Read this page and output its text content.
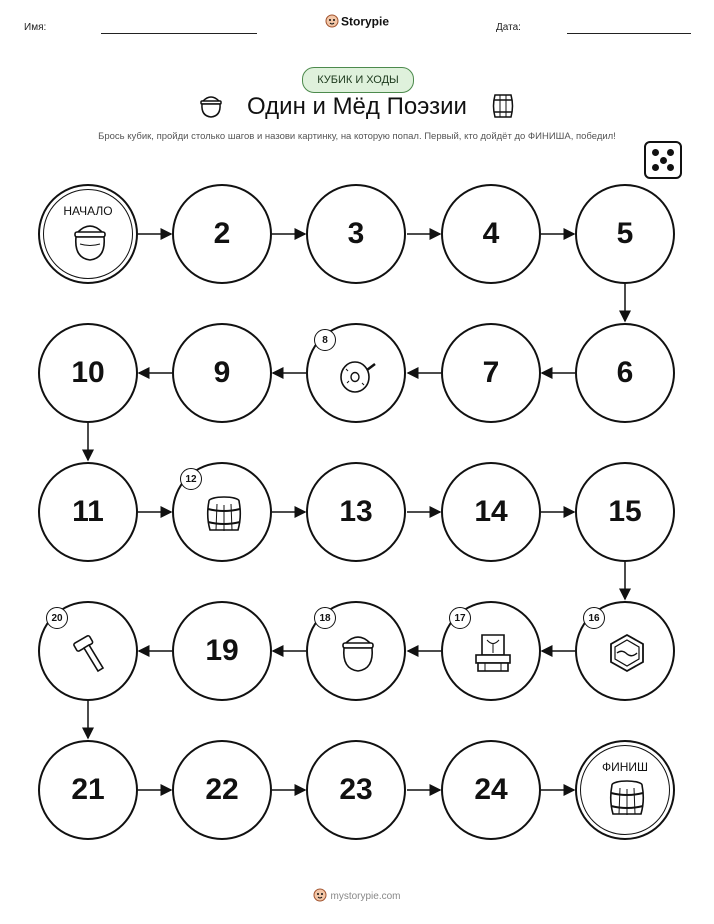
Имя:	Storypie	Дата:
КУБИК И ХОДЫ
Один и Мёд Поэзии
Брось кубик, пройди столько шагов и назови картинку, на которую попал. Первый, кто дойдёт до ФИНИША, победил!
НАЧАЛО
2	3	4	5
10	9
8
7	6
11
12
13	14	15
20
19
18	17	16
21	22	23	24
ФИНИШ
mystorypie.com
